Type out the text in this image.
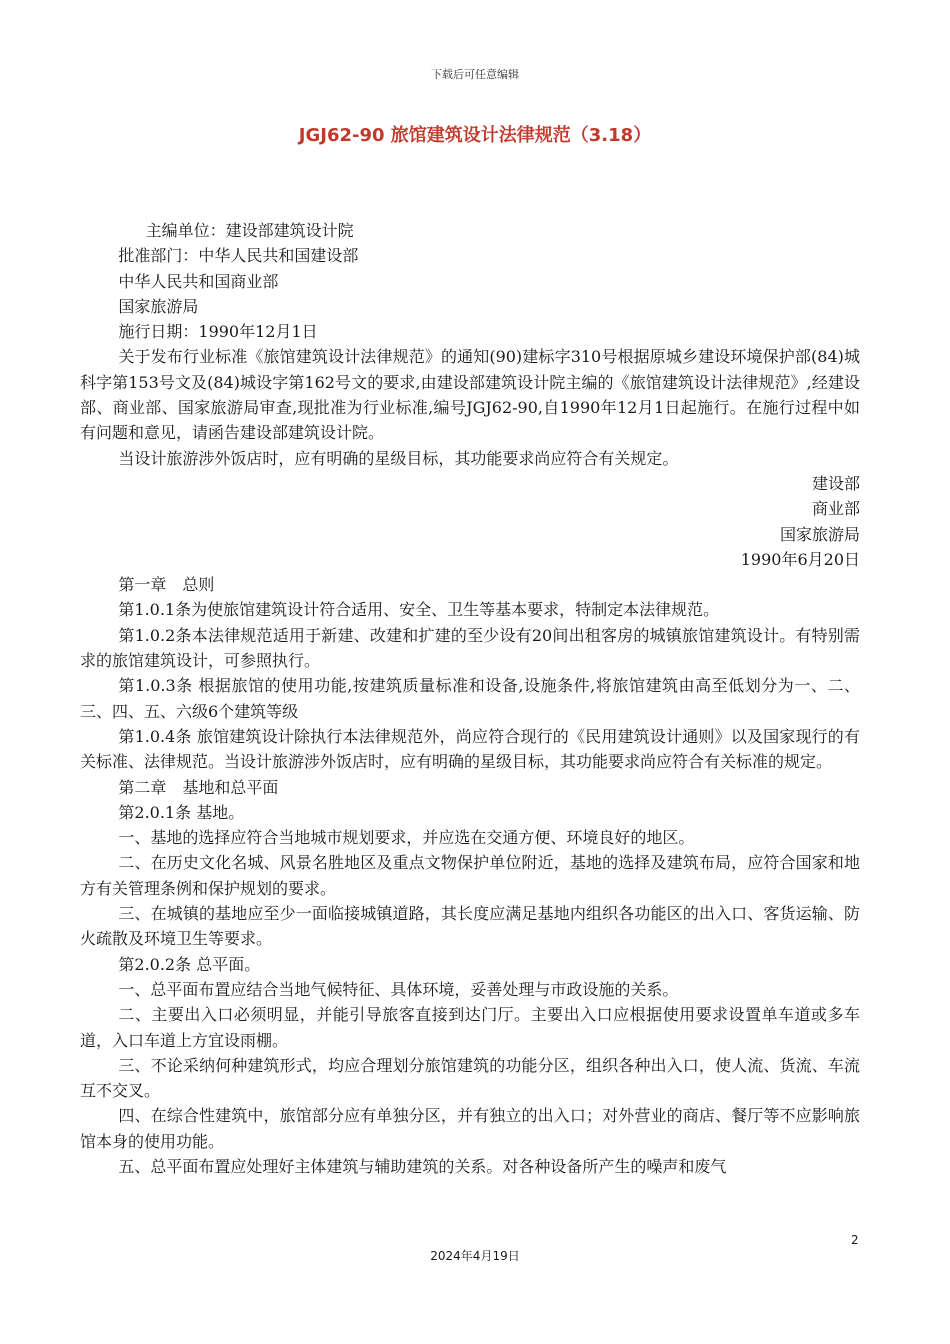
下载后可任意编辑
JGJ62-90 旅馆建筑设计法律规范（3.18）

主编单位：建设部建筑设计院

批准部门：中华人民共和国建设部

中华人民共和国商业部

国家旅游局

施行日期：1990年12月1日

关于发布行业标准《旅馆建筑设计法律规范》的通知(90)建标字310号根据原城乡建设环境保护部(84)城科字第153号文及(84)城设字第162号文的要求,由建设部建筑设计院主编的《旅馆建筑设计法律规范》,经建设部、商业部、国家旅游局审查,现批准为行业标准,编号JGJ62-90,自1990年12月1日起施行。在施行过程中如有问题和意见，请函告建设部建筑设计院。

当设计旅游涉外饭店时，应有明确的星级目标，其功能要求尚应符合有关规定。

建设部

商业部

国家旅游局

1990年6月20日

第一章　总则

第1.0.1条为使旅馆建筑设计符合适用、安全、卫生等基本要求，特制定本法律规范。

第1.0.2条本法律规范适用于新建、改建和扩建的至少设有20间出租客房的城镇旅馆建筑设计。有特别需求的旅馆建筑设计，可参照执行。

第1.0.3条 根据旅馆的使用功能,按建筑质量标准和设备,设施条件,将旅馆建筑由高至低划分为一、二、三、四、五、六级6个建筑等级

第1.0.4条 旅馆建筑设计除执行本法律规范外，尚应符合现行的《民用建筑设计通则》以及国家现行的有关标准、法律规范。当设计旅游涉外饭店时，应有明确的星级目标，其功能要求尚应符合有关标准的规定。

第二章　基地和总平面

第2.0.1条 基地。

一、基地的选择应符合当地城市规划要求，并应选在交通方便、环境良好的地区。

二、在历史文化名城、风景名胜地区及重点文物保护单位附近，基地的选择及建筑布局，应符合国家和地方有关管理条例和保护规划的要求。

三、在城镇的基地应至少一面临接城镇道路，其长度应满足基地内组织各功能区的出入口、客货运输、防火疏散及环境卫生等要求。

第2.0.2条 总平面。

一、总平面布置应结合当地气候特征、具体环境，妥善处理与市政设施的关系。

二、主要出入口必须明显，并能引导旅客直接到达门厅。主要出入口应根据使用要求设置单车道或多车道，入口车道上方宜设雨棚。

三、不论采纳何种建筑形式，均应合理划分旅馆建筑的功能分区，组织各种出入口，使人流、货流、车流互不交叉。

四、在综合性建筑中，旅馆部分应有单独分区，并有独立的出入口；对外营业的商店、餐厅等不应影响旅馆本身的使用功能。

五、总平面布置应处理好主体建筑与辅助建筑的关系。对各种设备所产生的噪声和废气

2
2024年4月19日
